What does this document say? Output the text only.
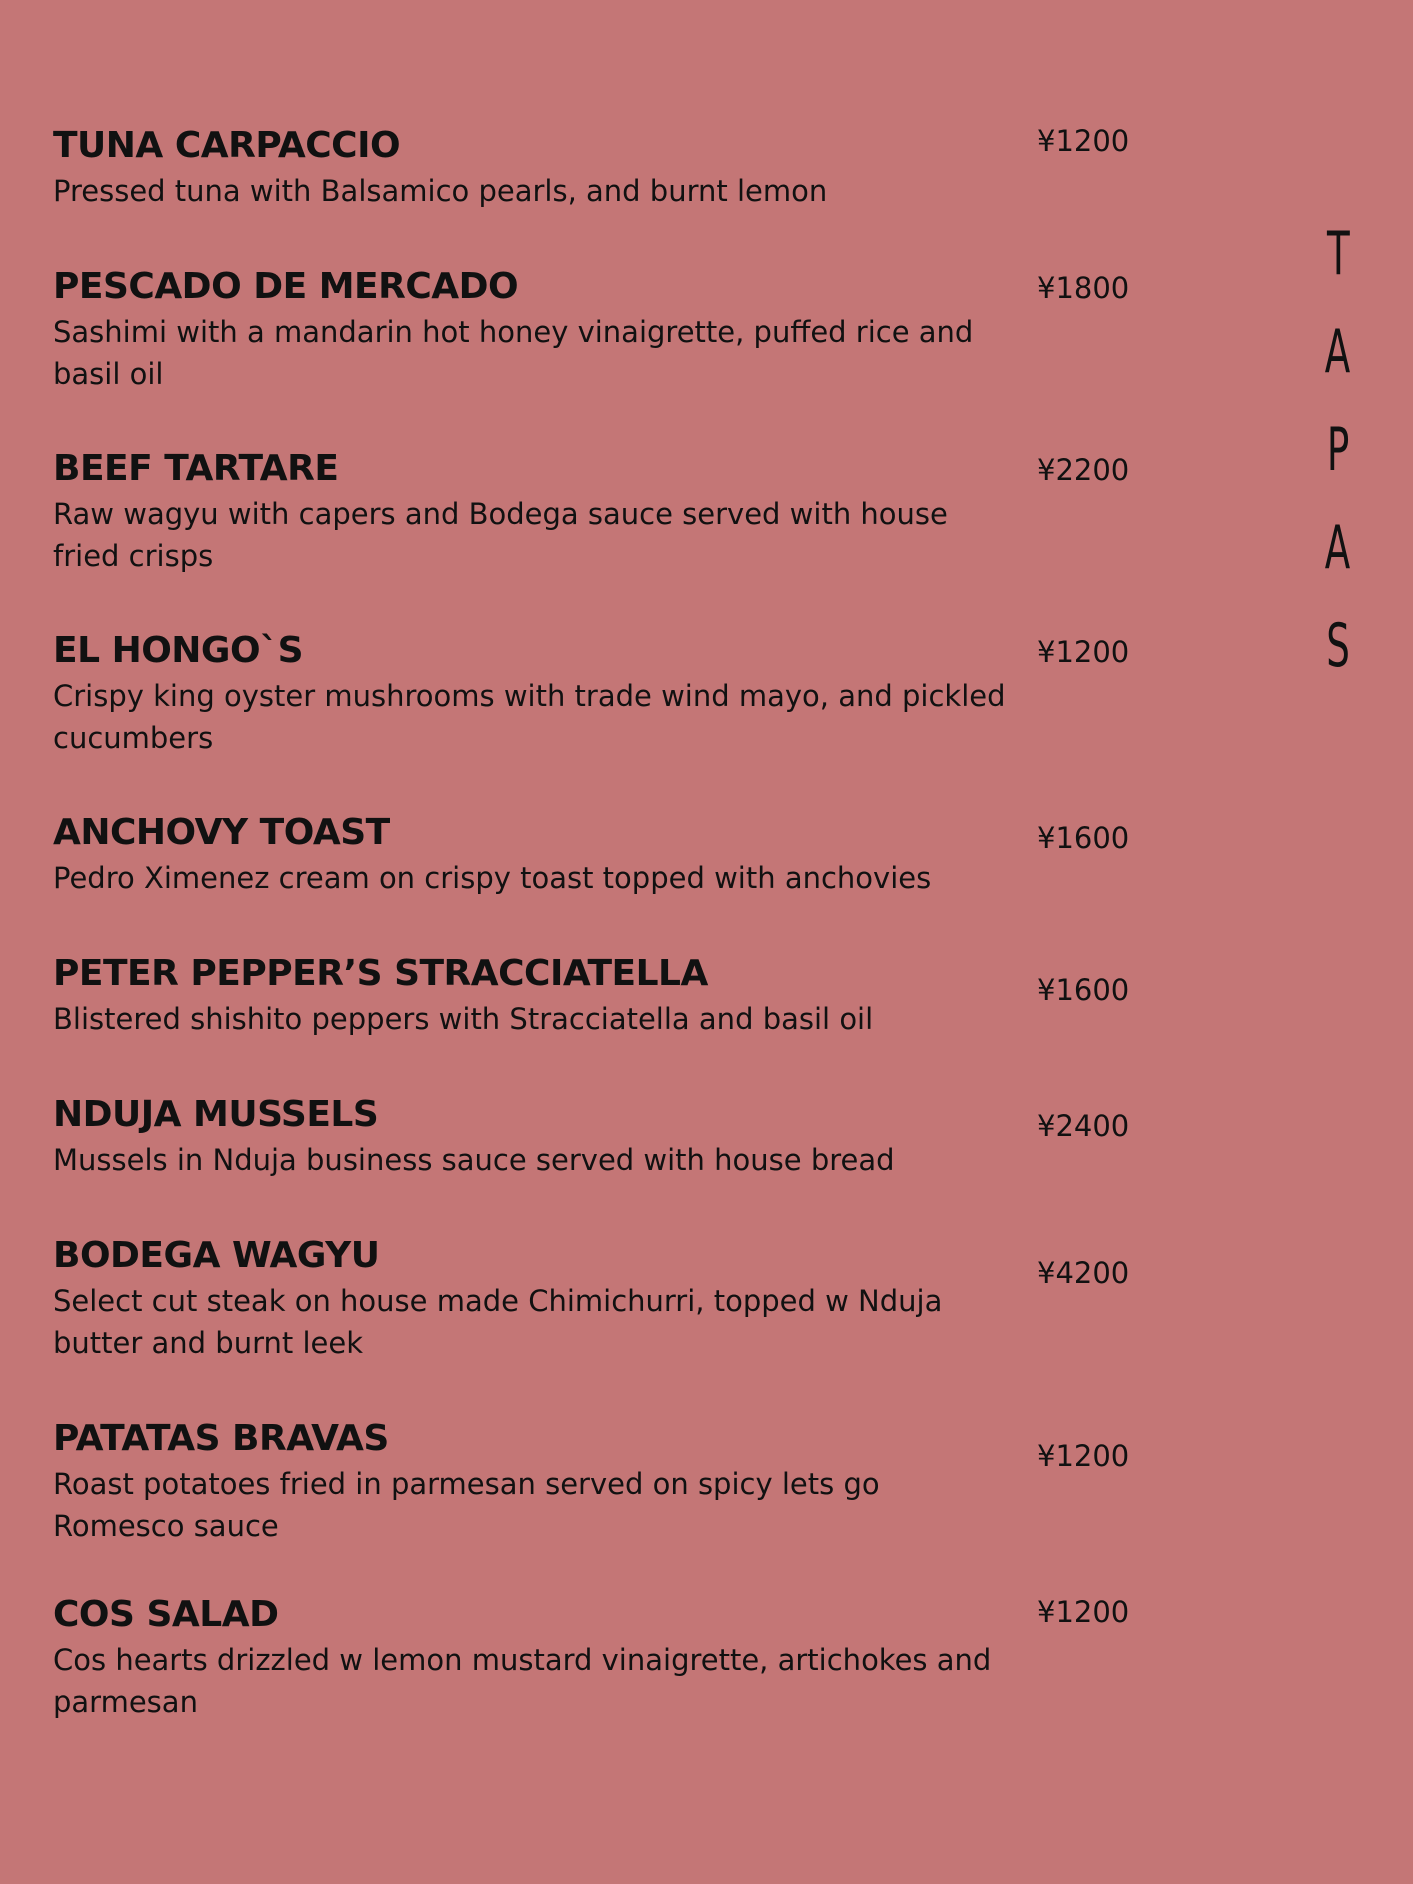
TUNA CARPACCIO
Pressed tuna with Balsamico pearls, and burnt lemon
¥1200
PESCADO DE MERCADO
Sashimi with a mandarin hot honey vinaigrette, puffed rice and basil oil
¥1800
BEEF TARTARE
Raw wagyu with capers and Bodega sauce served with house fried crisps
¥2200
EL HONGO`S
Crispy king oyster mushrooms with trade wind mayo, and pickled cucumbers
¥1200
ANCHOVY TOAST
Pedro Ximenez cream on crispy toast topped with anchovies
¥1600
PETER PEPPER’S STRACCIATELLA
Blistered shishito peppers with Stracciatella and basil oil
¥1600
NDUJA MUSSELS
Mussels in Nduja business sauce served with house bread
¥2400
BODEGA WAGYU
Select cut steak on house made Chimichurri, topped w Nduja butter and burnt leek
¥4200
PATATAS BRAVAS
Roast potatoes fried in parmesan served on spicy lets go Romesco sauce
¥1200
COS SALAD
Cos hearts drizzled w lemon mustard vinaigrette, artichokes and parmesan
¥1200
T
A
P
A
S
